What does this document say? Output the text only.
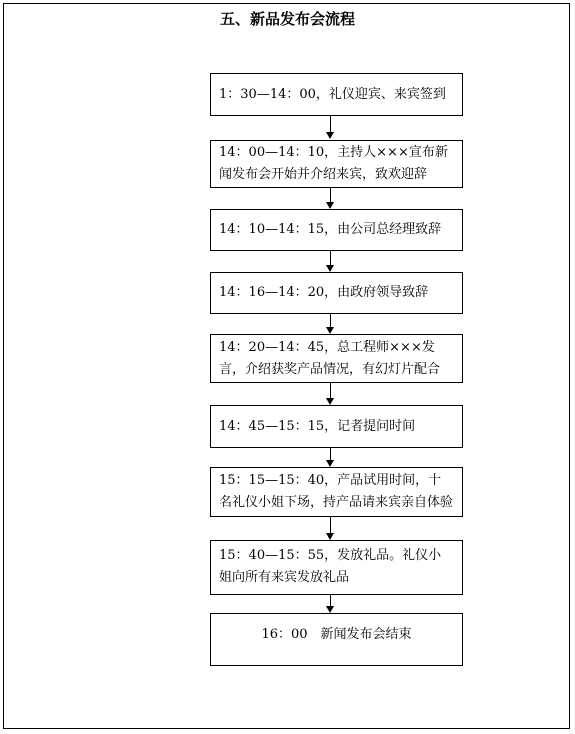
五、新品发布会流程
1：30—14：00，礼仪迎宾、来宾签到
14：00—14：10，主持人×××宣布新闻发布会开始并介绍来宾，致欢迎辞
14：10—14：15，由公司总经理致辞
14：16—14：20，由政府领导致辞
14：20—14：45，总工程师×××发言，介绍获奖产品情况，有幻灯片配合
14：45—15：15，记者提问时间
15：15—15：40，产品试用时间，十名礼仪小姐下场，持产品请来宾亲自体验
15：40—15：55，发放礼品。礼仪小姐向所有来宾发放礼品
16：00　新闻发布会结束
